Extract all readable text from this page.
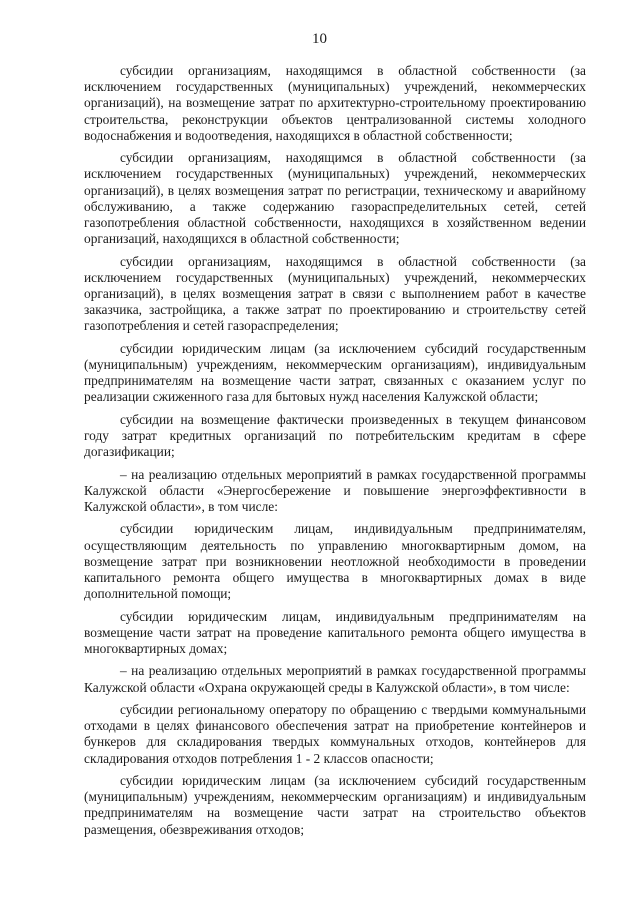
10

субсидии организациям, находящимся в областной собственности (за исключением государственных (муниципальных) учреждений, некоммерческих организаций), на возмещение затрат по архитектурно-строительному проектированию строительства, реконструкции объектов централизованной системы холодного водоснабжения и водоотведения, находящихся в областной собственности;

субсидии организациям, находящимся в областной собственности (за исключением государственных (муниципальных) учреждений, некоммерческих организаций), в целях возмещения затрат по регистрации, техническому и аварийному обслуживанию, а также содержанию газораспределительных сетей, сетей газопотребления областной собственности, находящихся в хозяйственном ведении организаций, находящихся в областной собственности;

субсидии организациям, находящимся в областной собственности (за исключением государственных (муниципальных) учреждений, некоммерческих организаций), в целях возмещения затрат в связи с выполнением работ в качестве заказчика, застройщика, а также затрат по проектированию и строительству сетей газопотребления и сетей газораспределения;

субсидии юридическим лицам (за исключением субсидий государственным (муниципальным) учреждениям, некоммерческим организациям), индивидуальным предпринимателям на возмещение части затрат, связанных с оказанием услуг по реализации сжиженного газа для бытовых нужд населения Калужской области;

субсидии на возмещение фактически произведенных в текущем финансовом году затрат кредитных организаций по потребительским кредитам в сфере догазификации;

– на реализацию отдельных мероприятий в рамках государственной программы Калужской области «Энергосбережение и повышение энергоэффективности в Калужской области», в том числе:

субсидии юридическим лицам, индивидуальным предпринимателям, осуществляющим деятельность по управлению многоквартирным домом, на возмещение затрат при возникновении неотложной необходимости в проведении капитального ремонта общего имущества в многоквартирных домах в виде дополнительной помощи;

субсидии юридическим лицам, индивидуальным предпринимателям на возмещение части затрат на проведение капитального ремонта общего имущества в многоквартирных домах;

– на реализацию отдельных мероприятий в рамках государственной программы Калужской области «Охрана окружающей среды в Калужской области», в том числе:

субсидии региональному оператору по обращению с твердыми коммунальными отходами в целях финансового обеспечения затрат на приобретение контейнеров и бункеров для складирования твердых коммунальных отходов, контейнеров для складирования отходов потребления 1 - 2 классов опасности;

субсидии юридическим лицам (за исключением субсидий государственным (муниципальным) учреждениям, некоммерческим организациям) и индивидуальным предпринимателям на возмещение части затрат на строительство объектов размещения, обезвреживания отходов;
